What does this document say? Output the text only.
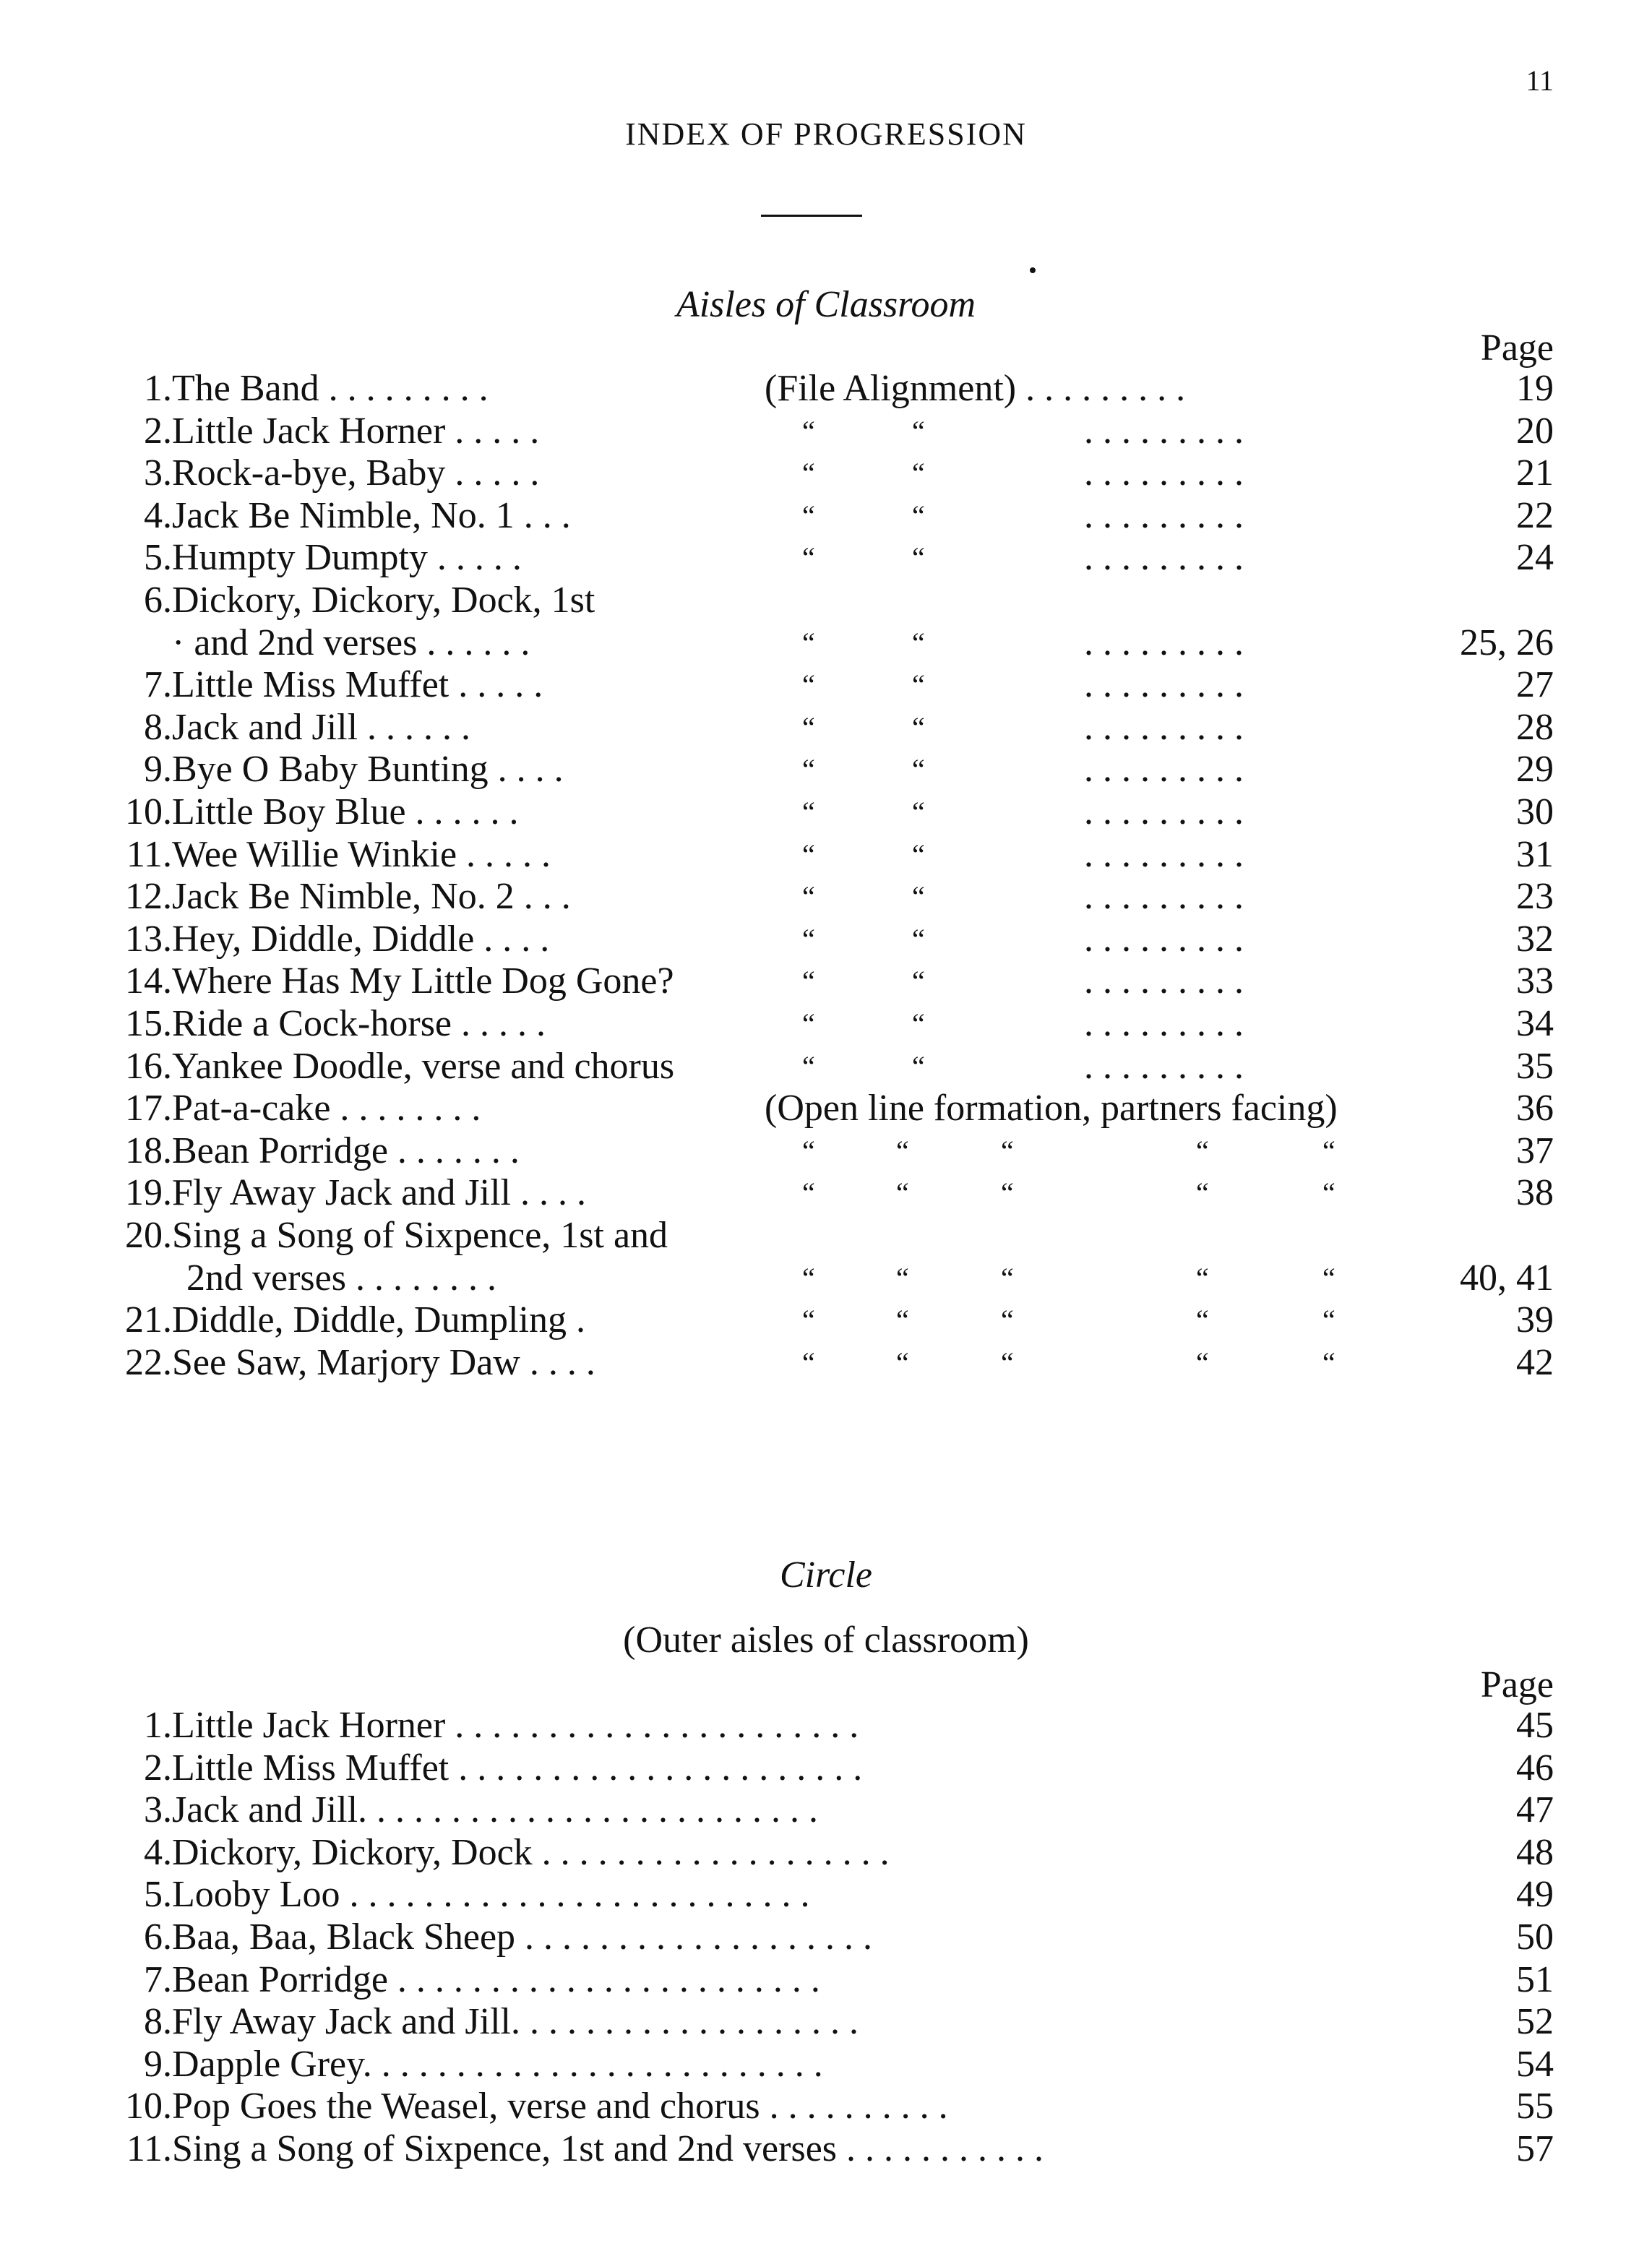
11
INDEX OF PROGRESSION
Aisles of Classroom
Page
1. The Band . . . . . . . . .	(File Alignment) . . . . . . . . .	19
2. Little Jack Horner . . . . .	“	“	. . . . . . . . .	20
3. Rock-a-bye, Baby . . . . .	“	“	. . . . . . . . .	21
4. Jack Be Nimble, No. 1 . . .	“	“	. . . . . . . . .	22
5. Humpty Dumpty . . . . .	“	“	. . . . . . . . .	24
6. Dickory, Dickory, Dock, 1st
· and 2nd verses . . . . . .	“	“	. . . . . . . . .	25, 26
7. Little Miss Muffet . . . . .	“	“	. . . . . . . . .	27
8. Jack and Jill . . . . . .	“	“	. . . . . . . . .	28
9. Bye O Baby Bunting . . . .	“	“	. . . . . . . . .	29
10. Little Boy Blue . . . . . .	“	“	. . . . . . . . .	30
11. Wee Willie Winkie . . . . .	“	“	. . . . . . . . .	31
12. Jack Be Nimble, No. 2 . . .	“	“	. . . . . . . . .	23
13. Hey, Diddle, Diddle . . . .	“	“	. . . . . . . . .	32
14. Where Has My Little Dog Gone?	“	“	. . . . . . . . .	33
15. Ride a Cock-horse . . . . .	“	“	. . . . . . . . .	34
16. Yankee Doodle, verse and chorus	“	“	. . . . . . . . .	35
17. Pat-a-cake . . . . . . . .	(Open line formation, partners facing)	36
18. Bean Porridge . . . . . . .	“	“	“	“	“	37
19. Fly Away Jack and Jill . . . .	“	“	“	“	“	38
20. Sing a Song of Sixpence, 1st and
2nd verses . . . . . . . .	“	“	“	“	“	40, 41
21. Diddle, Diddle, Dumpling .	“	“	“	“	“	39
22. See Saw, Marjory Daw . . . .	“	“	“	“	“	42
Circle
(Outer aisles of classroom)
Page
1. Little Jack Horner . . . . . . . . . . . . . . . . . . . . . .	45
2. Little Miss Muffet . . . . . . . . . . . . . . . . . . . . . .	46
3. Jack and Jill. . . . . . . . . . . . . . . . . . . . . . . . .	47
4. Dickory, Dickory, Dock . . . . . . . . . . . . . . . . . . .	48
5. Looby Loo . . . . . . . . . . . . . . . . . . . . . . . . .	49
6. Baa, Baa, Black Sheep . . . . . . . . . . . . . . . . . . .	50
7. Bean Porridge . . . . . . . . . . . . . . . . . . . . . . .	51
8. Fly Away Jack and Jill. . . . . . . . . . . . . . . . . . .	52
9. Dapple Grey. . . . . . . . . . . . . . . . . . . . . . . . .	54
10. Pop Goes the Weasel, verse and chorus . . . . . . . . . .	55
11. Sing a Song of Sixpence, 1st and 2nd verses . . . . . . . . . . .	57
